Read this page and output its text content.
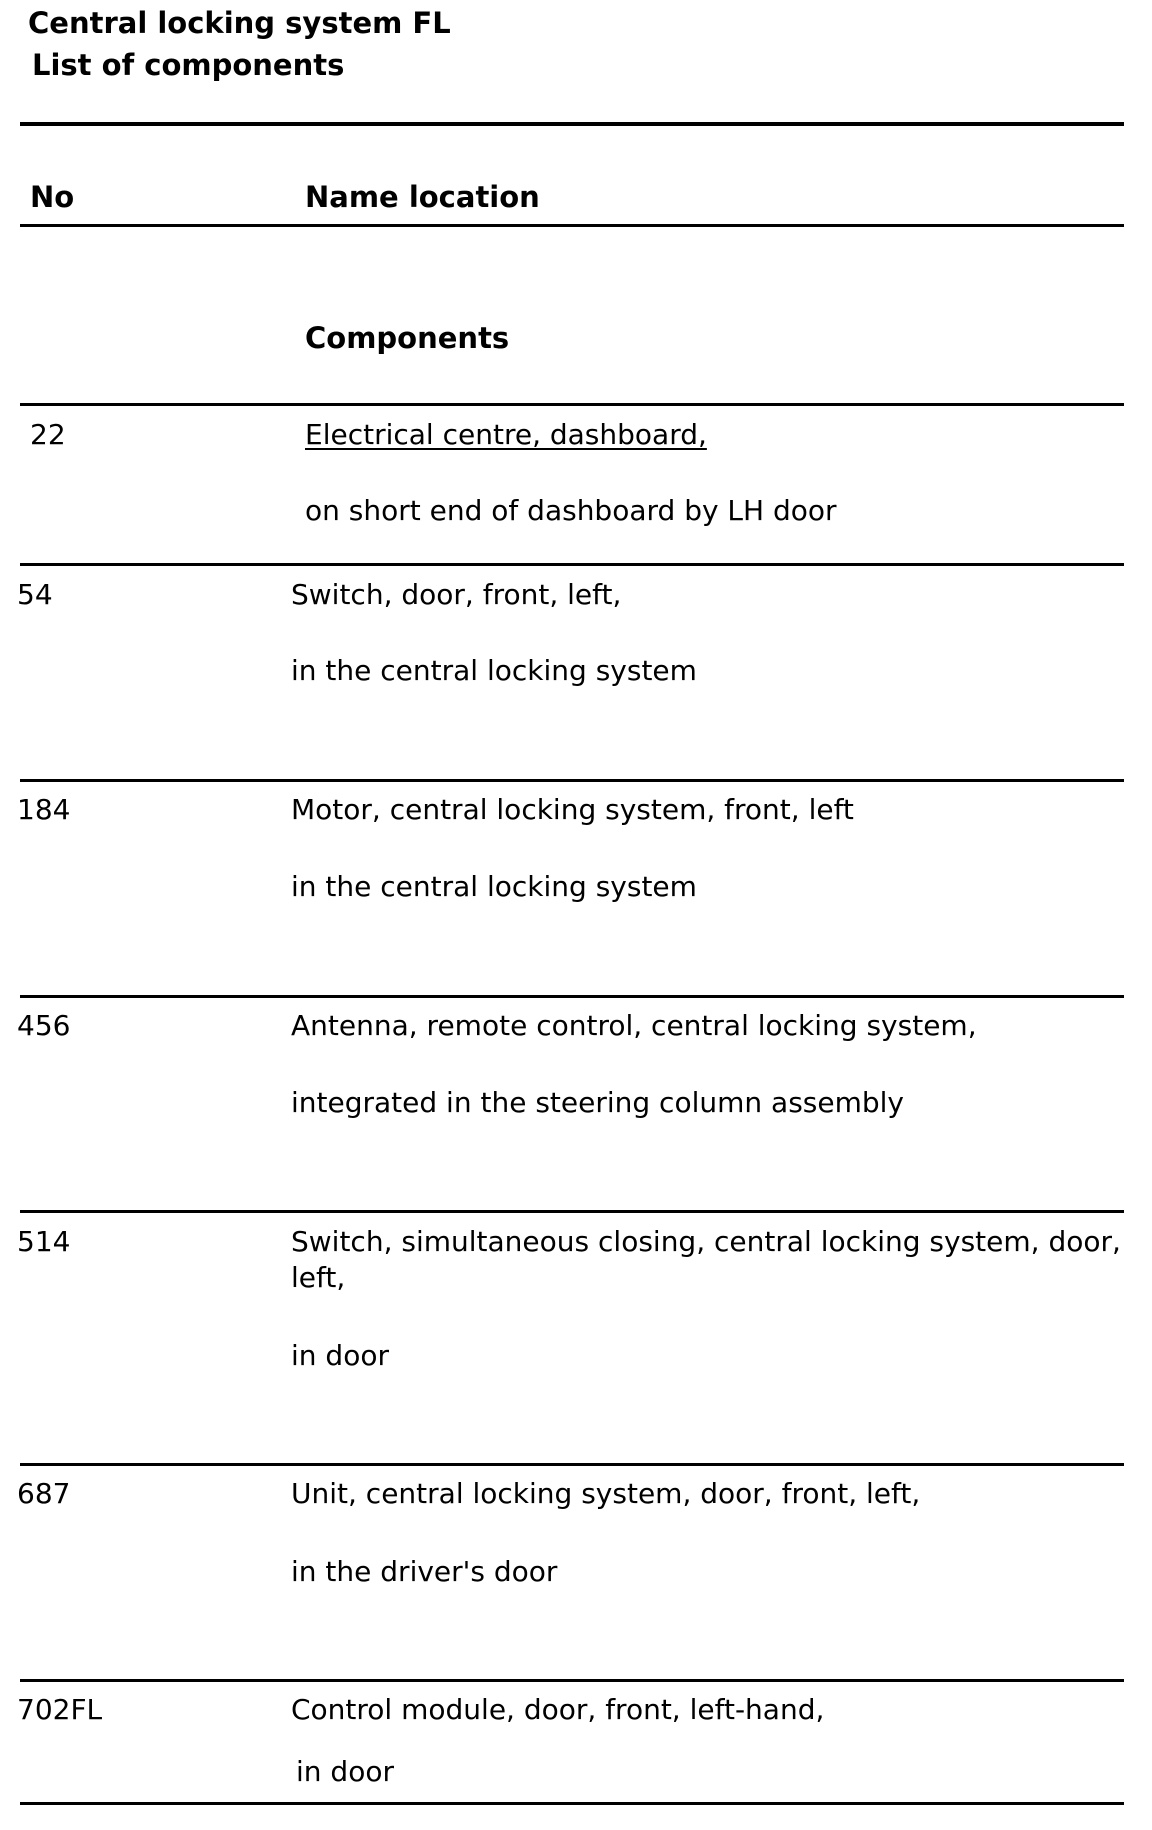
Central locking system FL
List of components
No	Name location
Components
22	Electrical centre, dashboard,
on short end of dashboard by LH door
54	Switch, door, front, left,
in the central locking system
184	Motor, central locking system, front, left
in the central locking system
456	Antenna, remote control, central locking system,
integrated in the steering column assembly
514	Switch, simultaneous closing, central locking system, door, left,
in door
687	Unit, central locking system, door, front, left,
in the driver's door
702FL	Control module, door, front, left-hand,
in door
